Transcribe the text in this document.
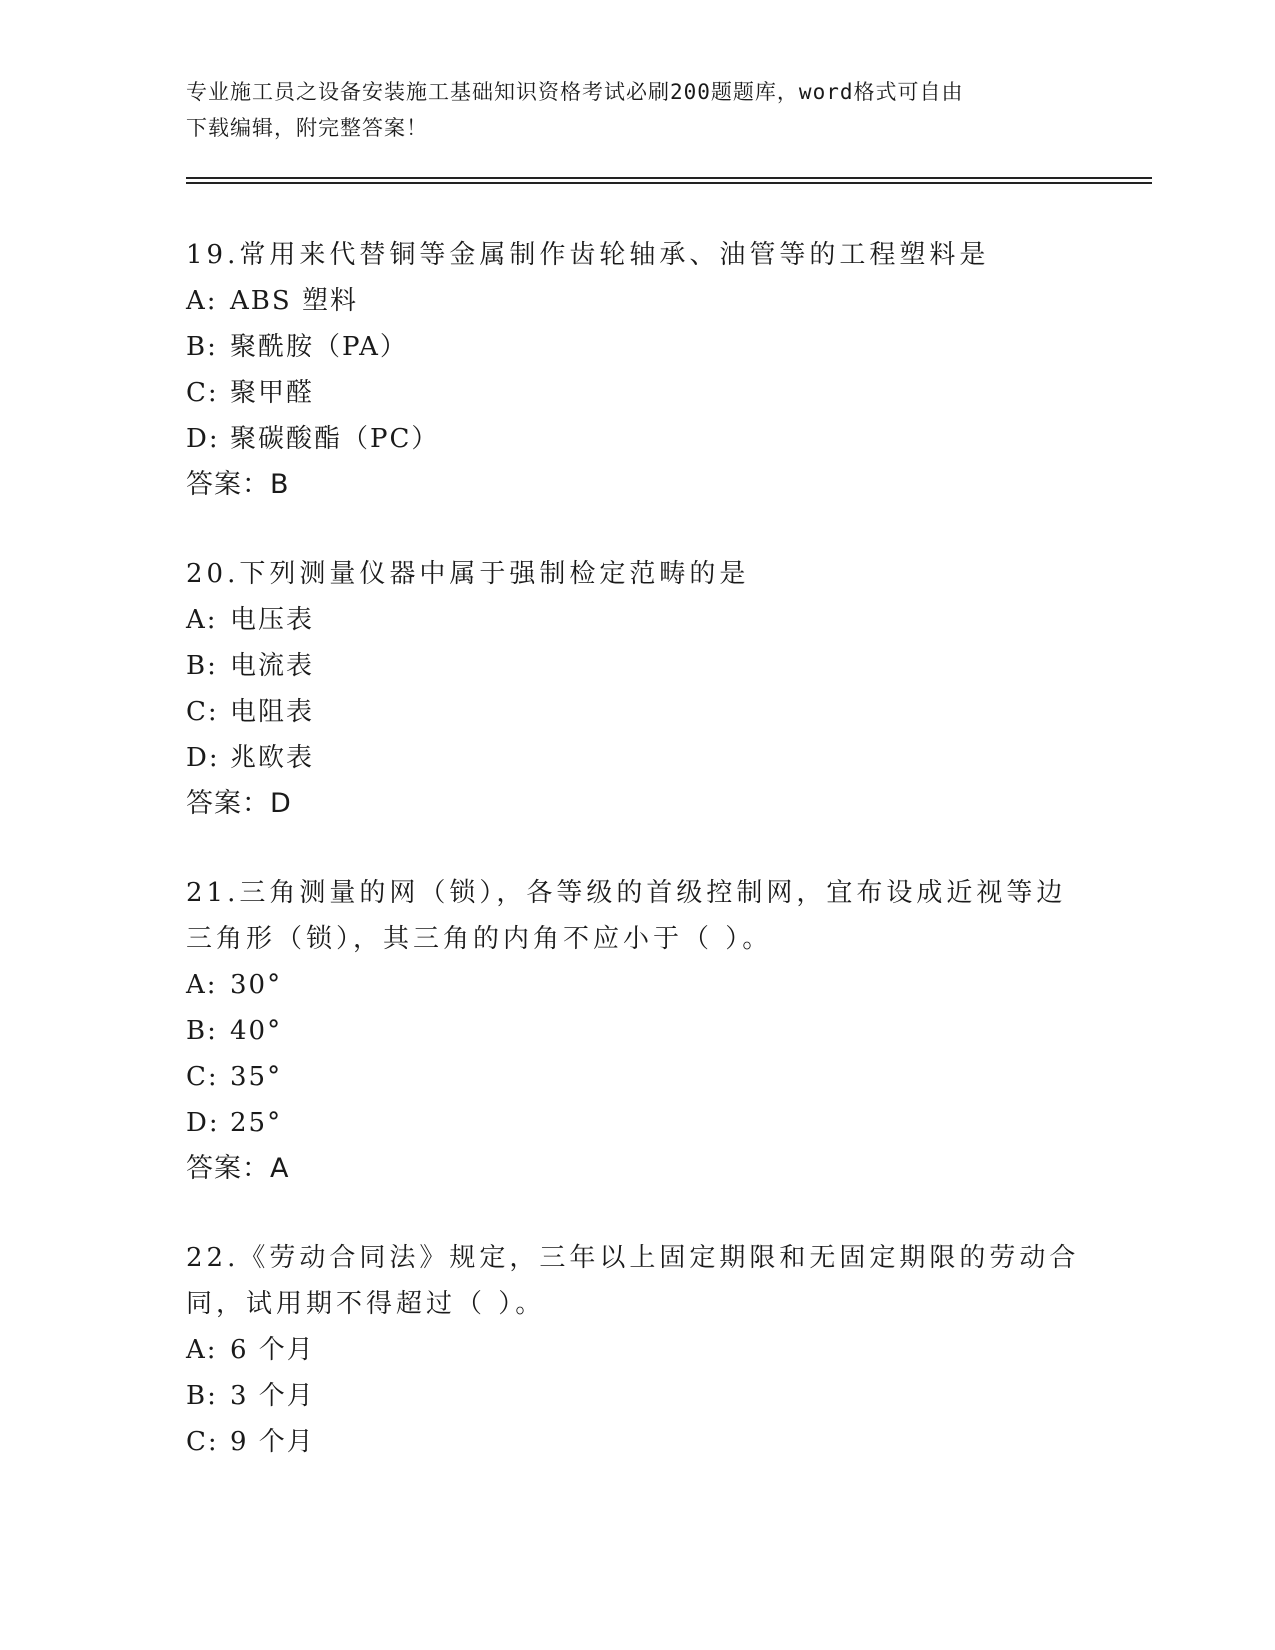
专业施工员之设备安装施工基础知识资格考试必刷200题题库，word格式可自由
下载编辑，附完整答案！

19.常用来代替铜等金属制作齿轮轴承、油管等的工程塑料是

A: ABS 塑料

B: 聚酰胺（PA）

C: 聚甲醛

D: 聚碳酸酯（PC）

答案：B

20.下列测量仪器中属于强制检定范畴的是

A: 电压表

B: 电流表

C: 电阻表

D: 兆欧表

答案：D

21.三角测量的网（锁），各等级的首级控制网，宜布设成近视等边三角形（锁），其三角的内角不应小于（ ）。

A: 30°

B: 40°

C: 35°

D: 25°

答案：A

22.《劳动合同法》规定，三年以上固定期限和无固定期限的劳动合同，试用期不得超过（ ）。

A: 6 个月

B: 3 个月

C: 9 个月
